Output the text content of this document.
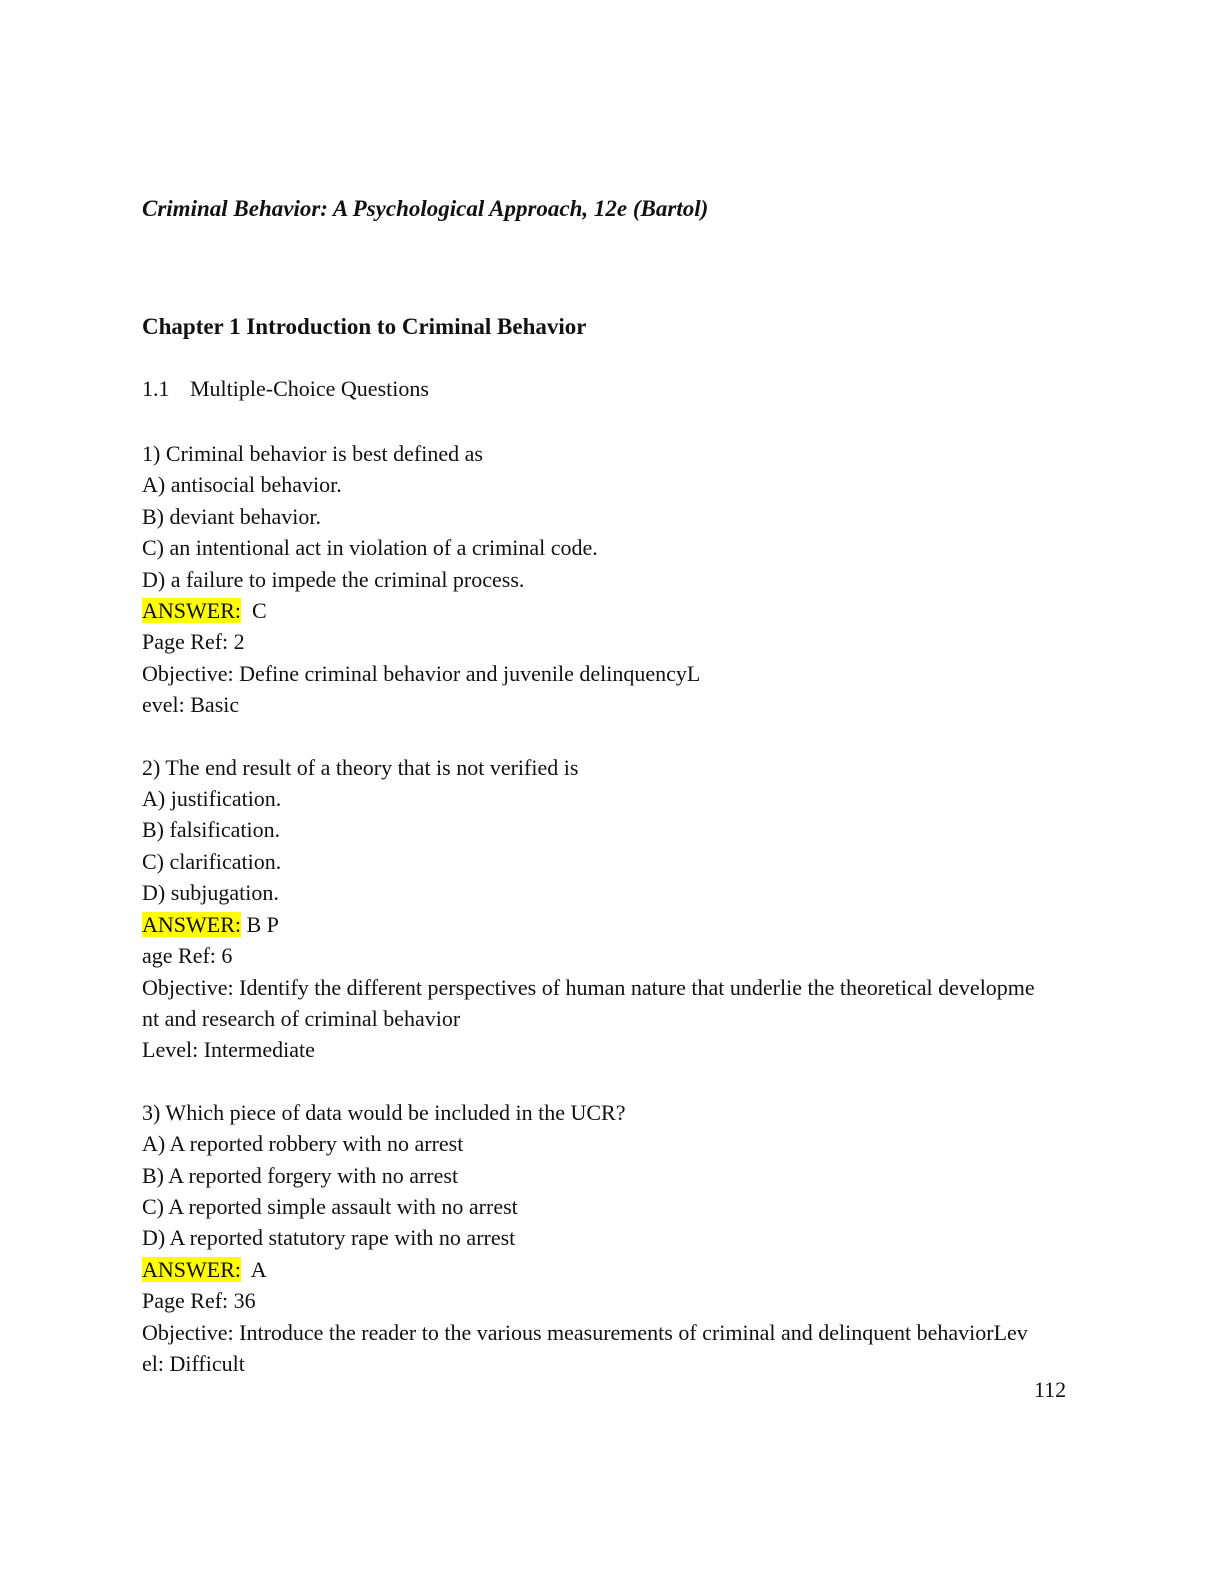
Criminal Behavior: A Psychological Approach, 12e (Bartol)

Chapter 1 Introduction to Criminal Behavior

1.1 Multiple-Choice Questions

1) Criminal behavior is best defined as
A) antisocial behavior.
B) deviant behavior.
C) an intentional act in violation of a criminal code.
D) a failure to impede the criminal process.
ANSWER:  C
Page Ref: 2
Objective: Define criminal behavior and juvenile delinquencyL
evel: Basic
2) The end result of a theory that is not verified is
A) justification.
B) falsification.
C) clarification.
D) subjugation.
ANSWER: B P
age Ref: 6
Objective: Identify the different perspectives of human nature that underlie the theoretical developme
nt and research of criminal behavior
Level: Intermediate
3) Which piece of data would be included in the UCR?
A) A reported robbery with no arrest
B) A reported forgery with no arrest
C) A reported simple assault with no arrest
D) A reported statutory rape with no arrest
ANSWER:  A
Page Ref: 36
Objective: Introduce the reader to the various measurements of criminal and delinquent behaviorLev
el: Difficult

112
